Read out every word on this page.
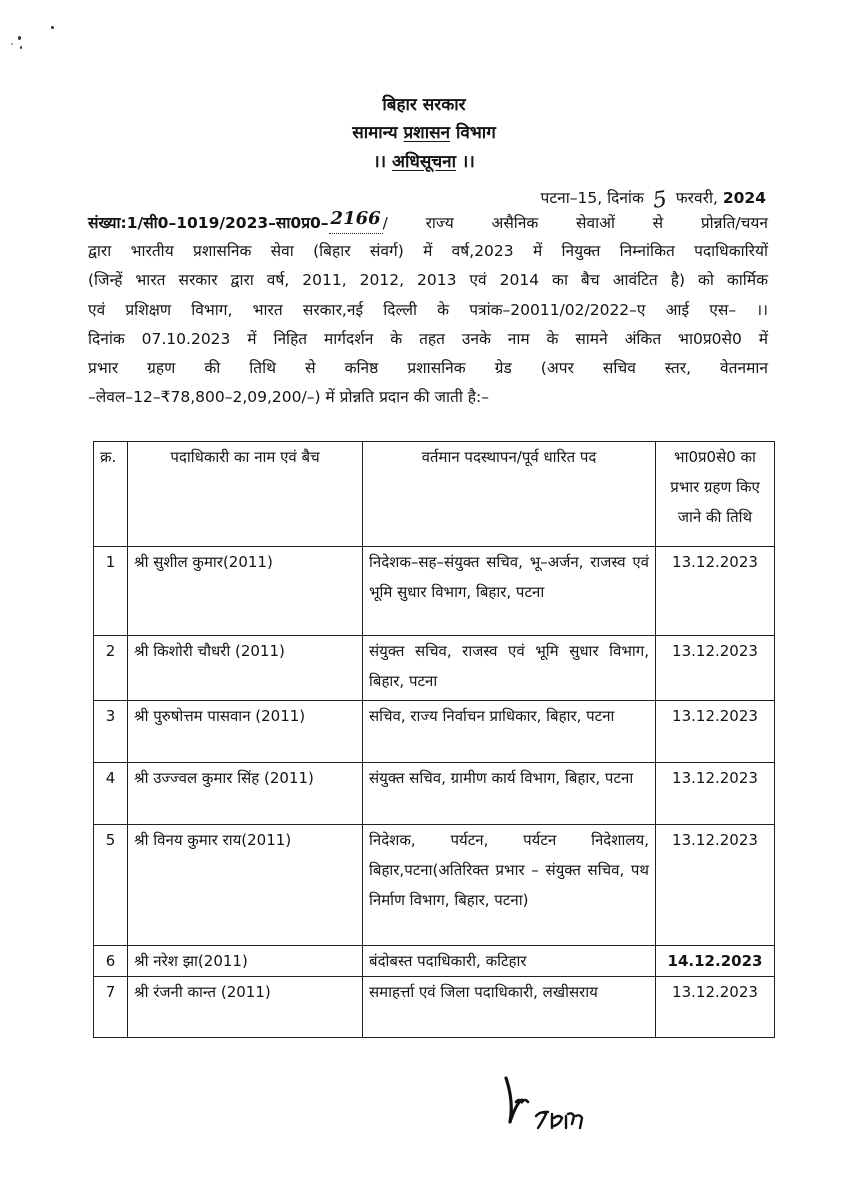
बिहार सरकार
सामान्य प्रशासन विभाग
।। अधिसूचना ।।
पटना–15, दिनांक 5 फरवरी, 2024
संख्या:1/सी0–1019/2023–सा0प्र0– 2166 / राज्य असैनिक सेवाओं से प्रोन्नति/चयन
द्वारा भारतीय प्रशासनिक सेवा (बिहार संवर्ग) में वर्ष,2023 में नियुक्त निम्नांकित पदाधिकारियों
(जिन्हें भारत सरकार द्वारा वर्ष, 2011, 2012, 2013 एवं 2014 का बैच आवंटित है) को कार्मिक
एवं प्रशिक्षण विभाग, भारत सरकार,नई दिल्ली के पत्रांक–20011/02/2022–ए आई एस– ।।
दिनांक 07.10.2023 में निहित मार्गदर्शन के तहत उनके नाम के सामने अंकित भा0प्र0से0 में
प्रभार ग्रहण की तिथि से कनिष्ठ प्रशासनिक ग्रेड (अपर सचिव स्तर, वेतनमान
–लेवल–12–₹78,800–2,09,200/–) में प्रोन्नति प्रदान की जाती है:–
क्र.	पदाधिकारी का नाम एवं बैच	वर्तमान पदस्थापन/पूर्व धारित पद	भा0प्र0से0 का प्रभार ग्रहण किए जाने की तिथि
1	श्री सुशील कुमार(2011)	निदेशक–सह–संयुक्त सचिव, भू–अर्जन, राजस्व एवं भूमि सुधार विभाग, बिहार, पटना	13.12.2023
2	श्री किशोरी चौधरी (2011)	संयुक्त सचिव, राजस्व एवं भूमि सुधार विभाग, बिहार, पटना	13.12.2023
3	श्री पुरुषोत्तम पासवान (2011)	सचिव, राज्य निर्वाचन प्राधिकार, बिहार, पटना	13.12.2023
4	श्री उज्ज्वल कुमार सिंह (2011)	संयुक्त सचिव, ग्रामीण कार्य विभाग, बिहार, पटना	13.12.2023
5	श्री विनय कुमार राय(2011)	निदेशक, पर्यटन, पर्यटन निदेशालय, बिहार,पटना(अतिरिक्त प्रभार – संयुक्त सचिव, पथ निर्माण विभाग, बिहार, पटना)	13.12.2023
6	श्री नरेश झा(2011)	बंदोबस्त पदाधिकारी, कटिहार	14.12.2023
7	श्री रंजनी कान्त (2011)	समाहर्त्ता एवं जिला पदाधिकारी, लखीसराय	13.12.2023
